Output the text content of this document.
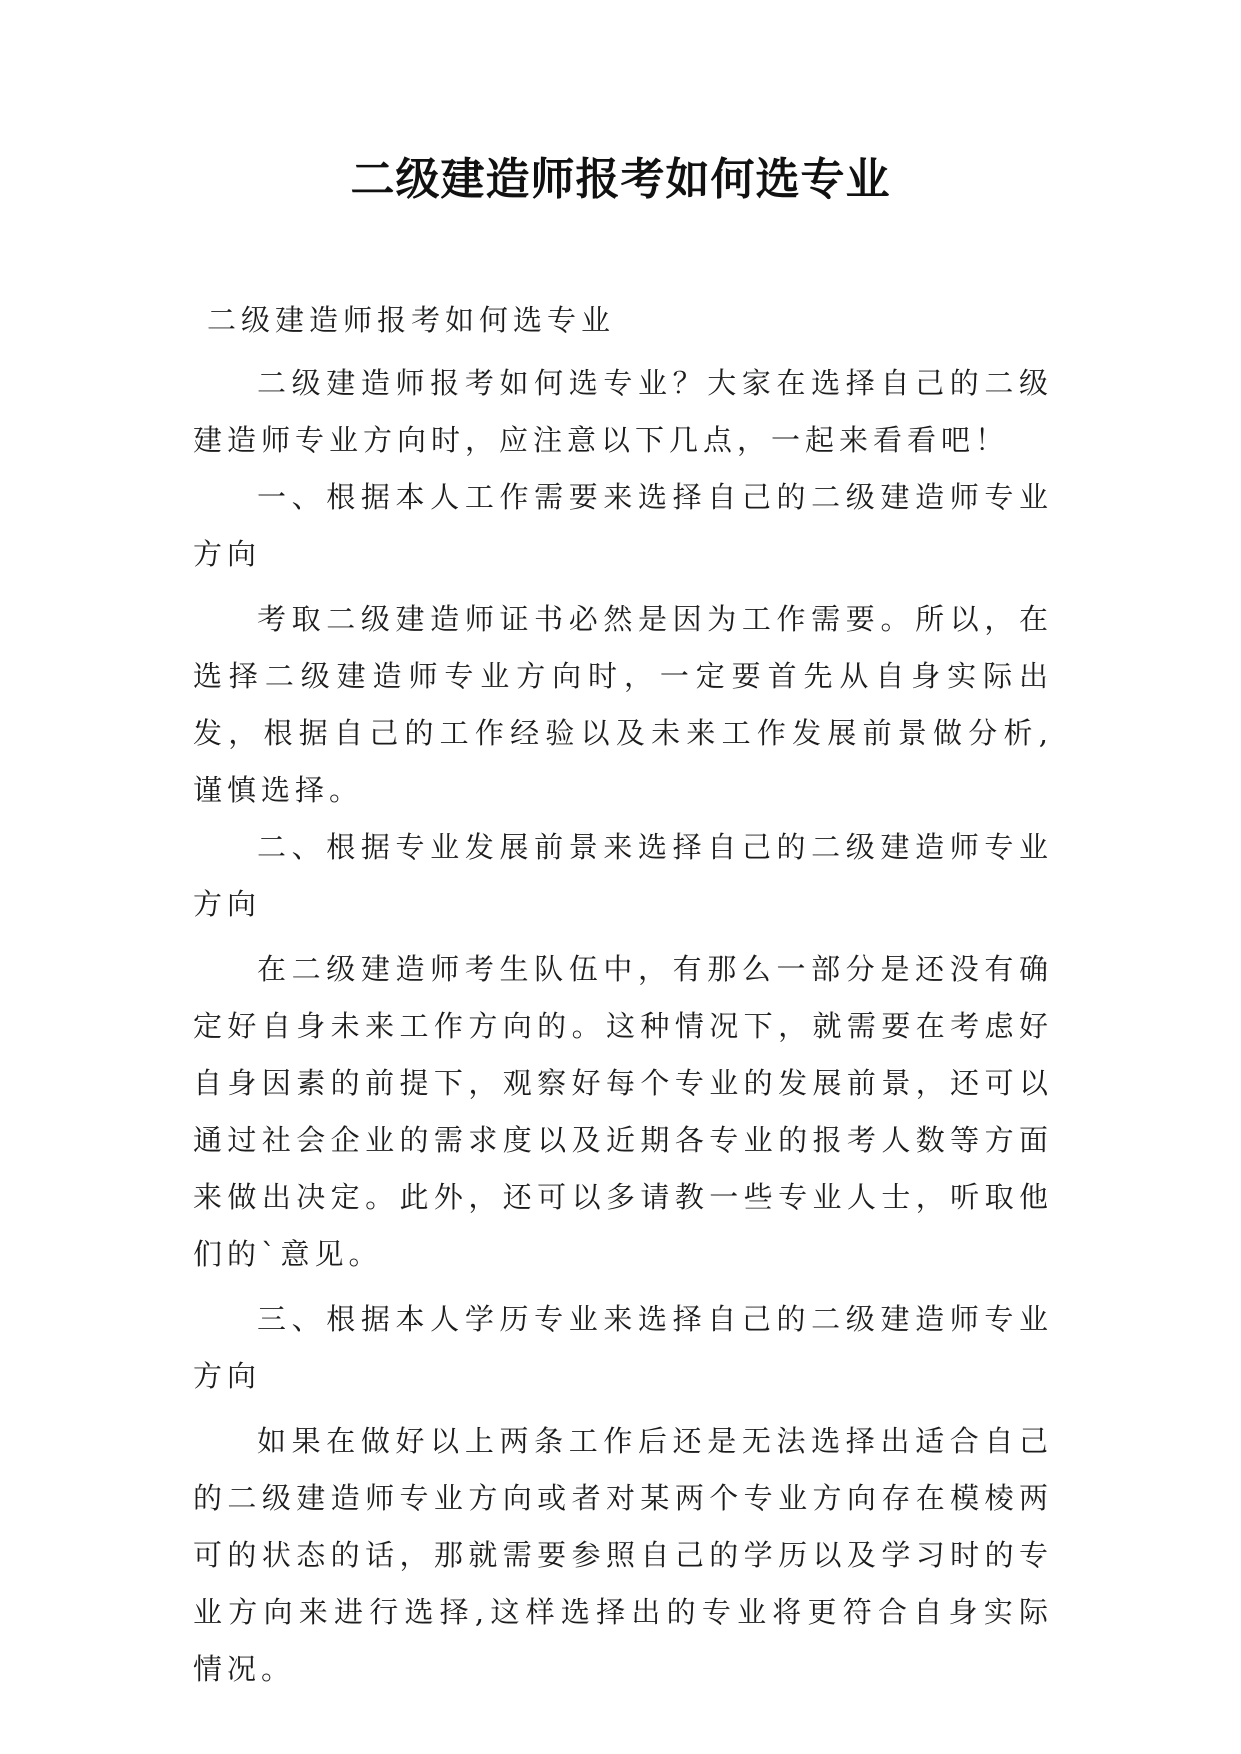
二级建造师报考如何选专业

二级建造师报考如何选专业

二级建造师报考如何选专业？大家在选择自己的二级建造师专业方向时，应注意以下几点，一起来看看吧！

一、根据本人工作需要来选择自己的二级建造师专业方向

考取二级建造师证书必然是因为工作需要。所以，在选择二级建造师专业方向时，一定要首先从自身实际出发，根据自己的工作经验以及未来工作发展前景做分析,谨慎选择。

二、根据专业发展前景来选择自己的二级建造师专业方向

在二级建造师考生队伍中，有那么一部分是还没有确定好自身未来工作方向的。这种情况下，就需要在考虑好自身因素的前提下，观察好每个专业的发展前景，还可以通过社会企业的需求度以及近期各专业的报考人数等方面来做出决定。此外，还可以多请教一些专业人士，听取他们的`意见。

三、根据本人学历专业来选择自己的二级建造师专业方向

如果在做好以上两条工作后还是无法选择出适合自己的二级建造师专业方向或者对某两个专业方向存在模棱两可的状态的话，那就需要参照自己的学历以及学习时的专业方向来进行选择,这样选择出的专业将更符合自身实际情况。
